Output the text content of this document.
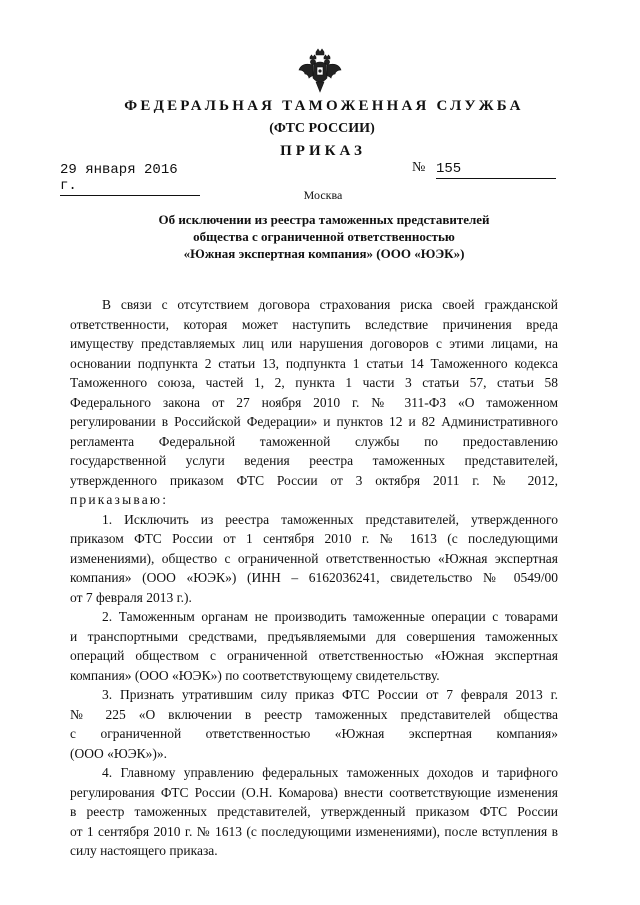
ФЕДЕРАЛЬНАЯ ТАМОЖЕННАЯ СЛУЖБА
(ФТС РОССИИ)
ПРИКАЗ
29 января 2016 г.
№ 155
Москва
Об исключении из реестра таможенных представителей
общества с ограниченной ответственностью
«Южная экспертная компания» (ООО «ЮЭК»)
В связи с отсутствием договора страхования риска своей гражданской
ответственности, которая может наступить вследствие причинения вреда
имуществу представляемых лиц или нарушения договоров с этими лицами, на
основании подпункта 2 статьи 13, подпункта 1 статьи 14 Таможенного кодекса
Таможенного союза, частей 1, 2, пункта 1 части 3 статьи 57, статьи 58
Федерального закона от 27 ноября 2010 г. № 311-ФЗ «О таможенном
регулировании в Российской Федерации» и пунктов 12 и 82 Административного
регламента Федеральной таможенной службы по предоставлению
государственной услуги ведения реестра таможенных представителей,
утвержденного приказом ФТС России от 3 октября 2011 г. № 2012,
приказываю:
1. Исключить из реестра таможенных представителей, утвержденного
приказом ФТС России от 1 сентября 2010 г. № 1613 (с последующими
изменениями), общество с ограниченной ответственностью «Южная экспертная
компания» (ООО «ЮЭК») (ИНН – 6162036241, свидетельство № 0549/00
от 7 февраля 2013 г.).
2. Таможенным органам не производить таможенные операции с товарами
и транспортными средствами, предъявляемыми для совершения таможенных
операций обществом с ограниченной ответственностью «Южная экспертная
компания» (ООО «ЮЭК») по соответствующему свидетельству.
3. Признать утратившим силу приказ ФТС России от 7 февраля 2013 г.
№ 225 «О включении в реестр таможенных представителей общества
с ограниченной ответственностью «Южная экспертная компания»
(ООО «ЮЭК»)».
4. Главному управлению федеральных таможенных доходов и тарифного
регулирования ФТС России (О.Н. Комарова) внести соответствующие изменения
в реестр таможенных представителей, утвержденный приказом ФТС России
от 1 сентября 2010 г. № 1613 (с последующими изменениями), после вступления в
силу настоящего приказа.
